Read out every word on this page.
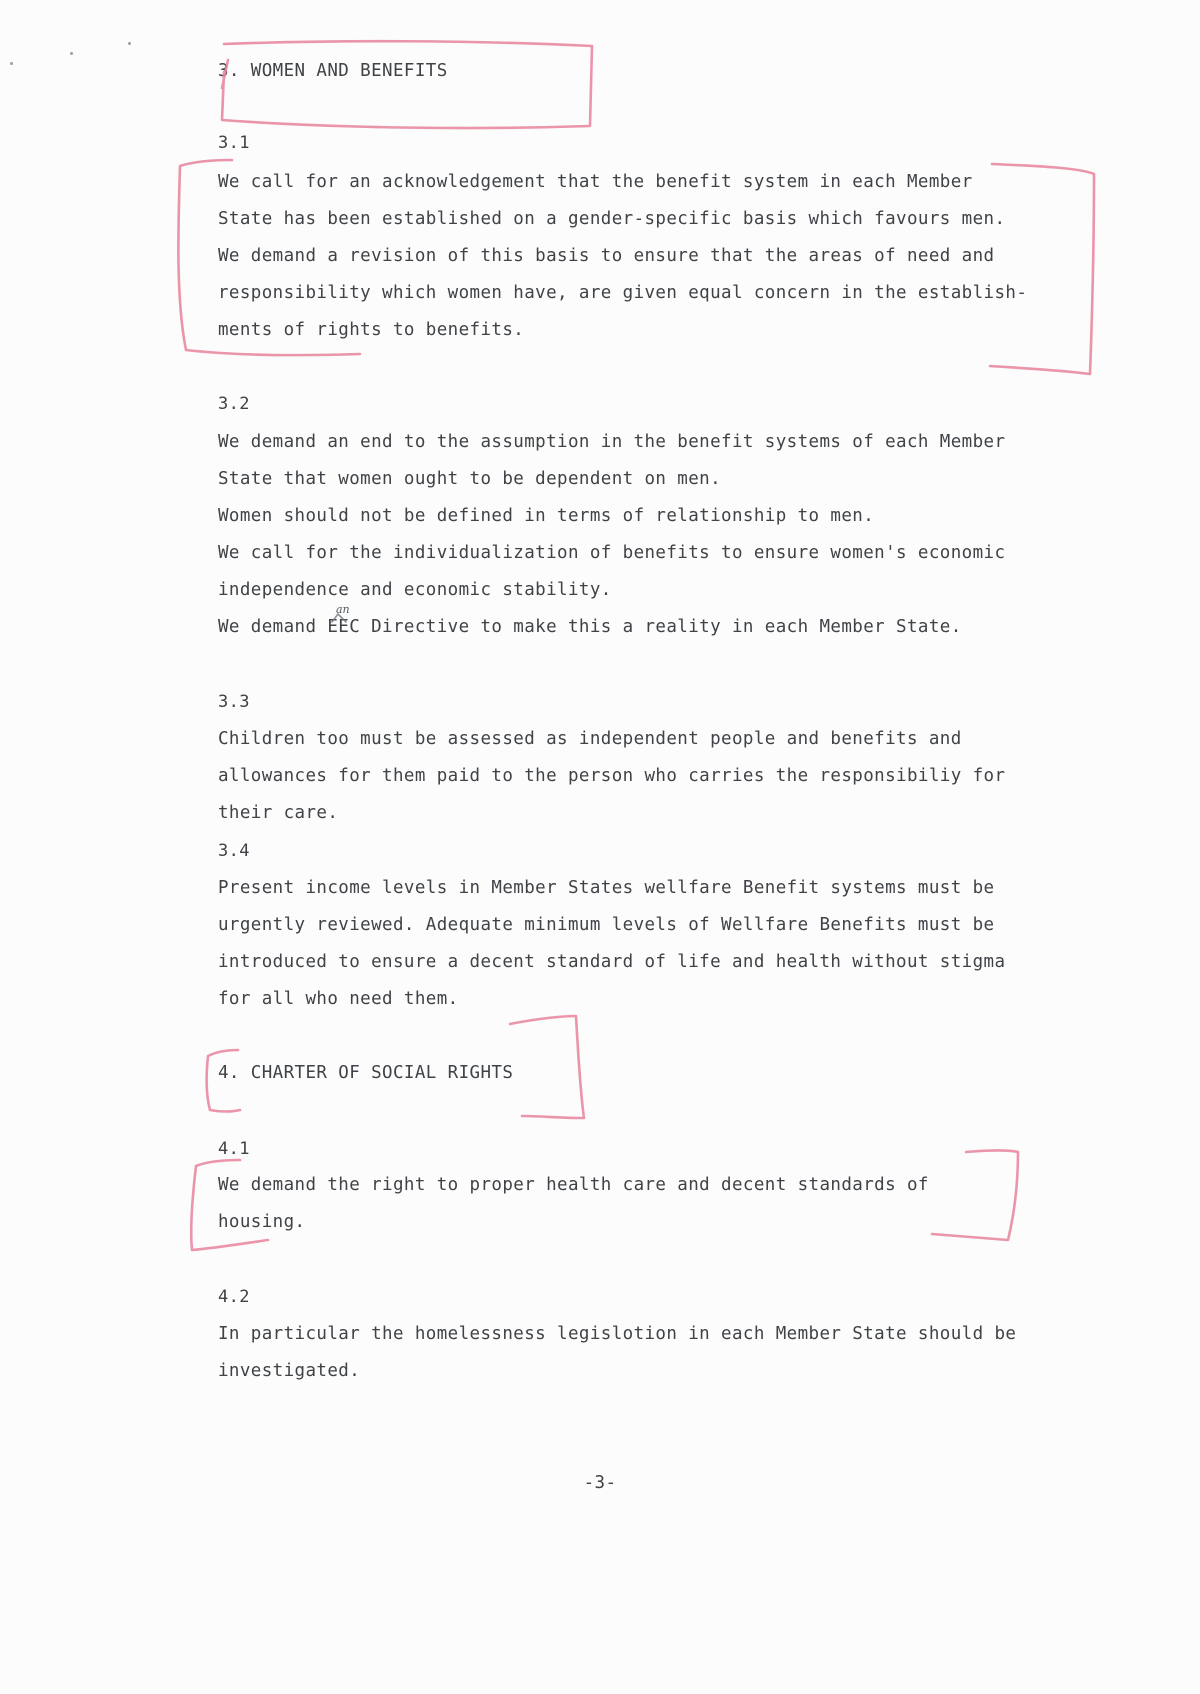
3. WOMEN AND BENEFITS
3.1
We call for an acknowledgement that the benefit system in each Member
State has been established on a gender-specific basis which favours men.
We demand a revision of this basis to ensure that the areas of need and
responsibility which women have, are given equal concern in the establish-
ments of rights to benefits.
3.2
We demand an end to the assumption in the benefit systems of each Member
State that women ought to be dependent on men.
Women should not be defined in terms of relationship to men.
We call for the individualization of benefits to ensure women's economic
independence and economic stability.
We demand EEC Directive to make this a reality in each Member State.
3.3
Children too must be assessed as independent people and benefits and
allowances for them paid to the person who carries the responsibiliy for
their care.
3.4
Present income levels in Member States wellfare Benefit systems must be
urgently reviewed. Adequate minimum levels of Wellfare Benefits must be
introduced to ensure a decent standard of life and health without stigma
for all who need them.
4. CHARTER OF SOCIAL RIGHTS
4.1
We demand the right to proper health care and decent standards of
housing.
4.2
In particular the homelessness legislotion in each Member State should be
investigated.
-3-
an
